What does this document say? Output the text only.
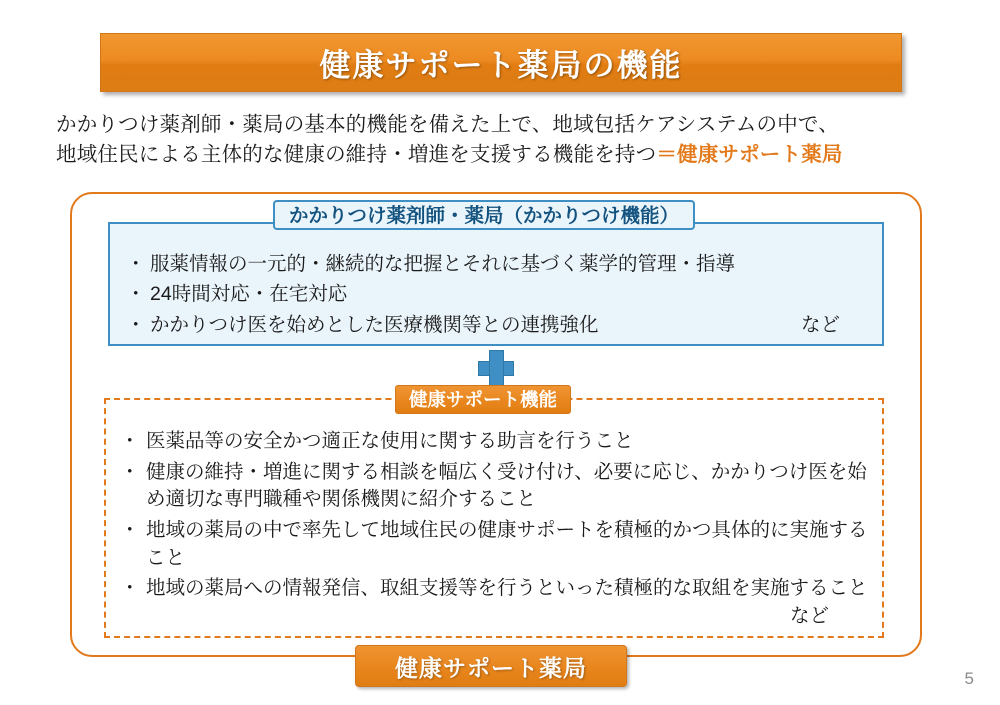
健康サポート薬局の機能
かかりつけ薬剤師・薬局の基本的機能を備えた上で、地域包括ケアシステムの中で、
地域住民による主体的な健康の維持・増進を支援する機能を持つ＝健康サポート薬局
かかりつけ薬剤師・薬局（かかりつけ機能）
・ 服薬情報の一元的・継続的な把握とそれに基づく薬学的管理・指導
・ 24時間対応・在宅対応
・ かかりつけ医を始めとした医療機関等との連携強化	など
健康サポート機能
・ 医薬品等の安全かつ適正な使用に関する助言を行うこと
・ 健康の維持・増進に関する相談を幅広く受け付け、必要に応じ、かかりつけ医を始め適切な専門職種や関係機関に紹介すること
・ 地域の薬局の中で率先して地域住民の健康サポートを積極的かつ具体的に実施すること
・ 地域の薬局への情報発信、取組支援等を行うといった積極的な取組を実施すること
など
健康サポート薬局	5
